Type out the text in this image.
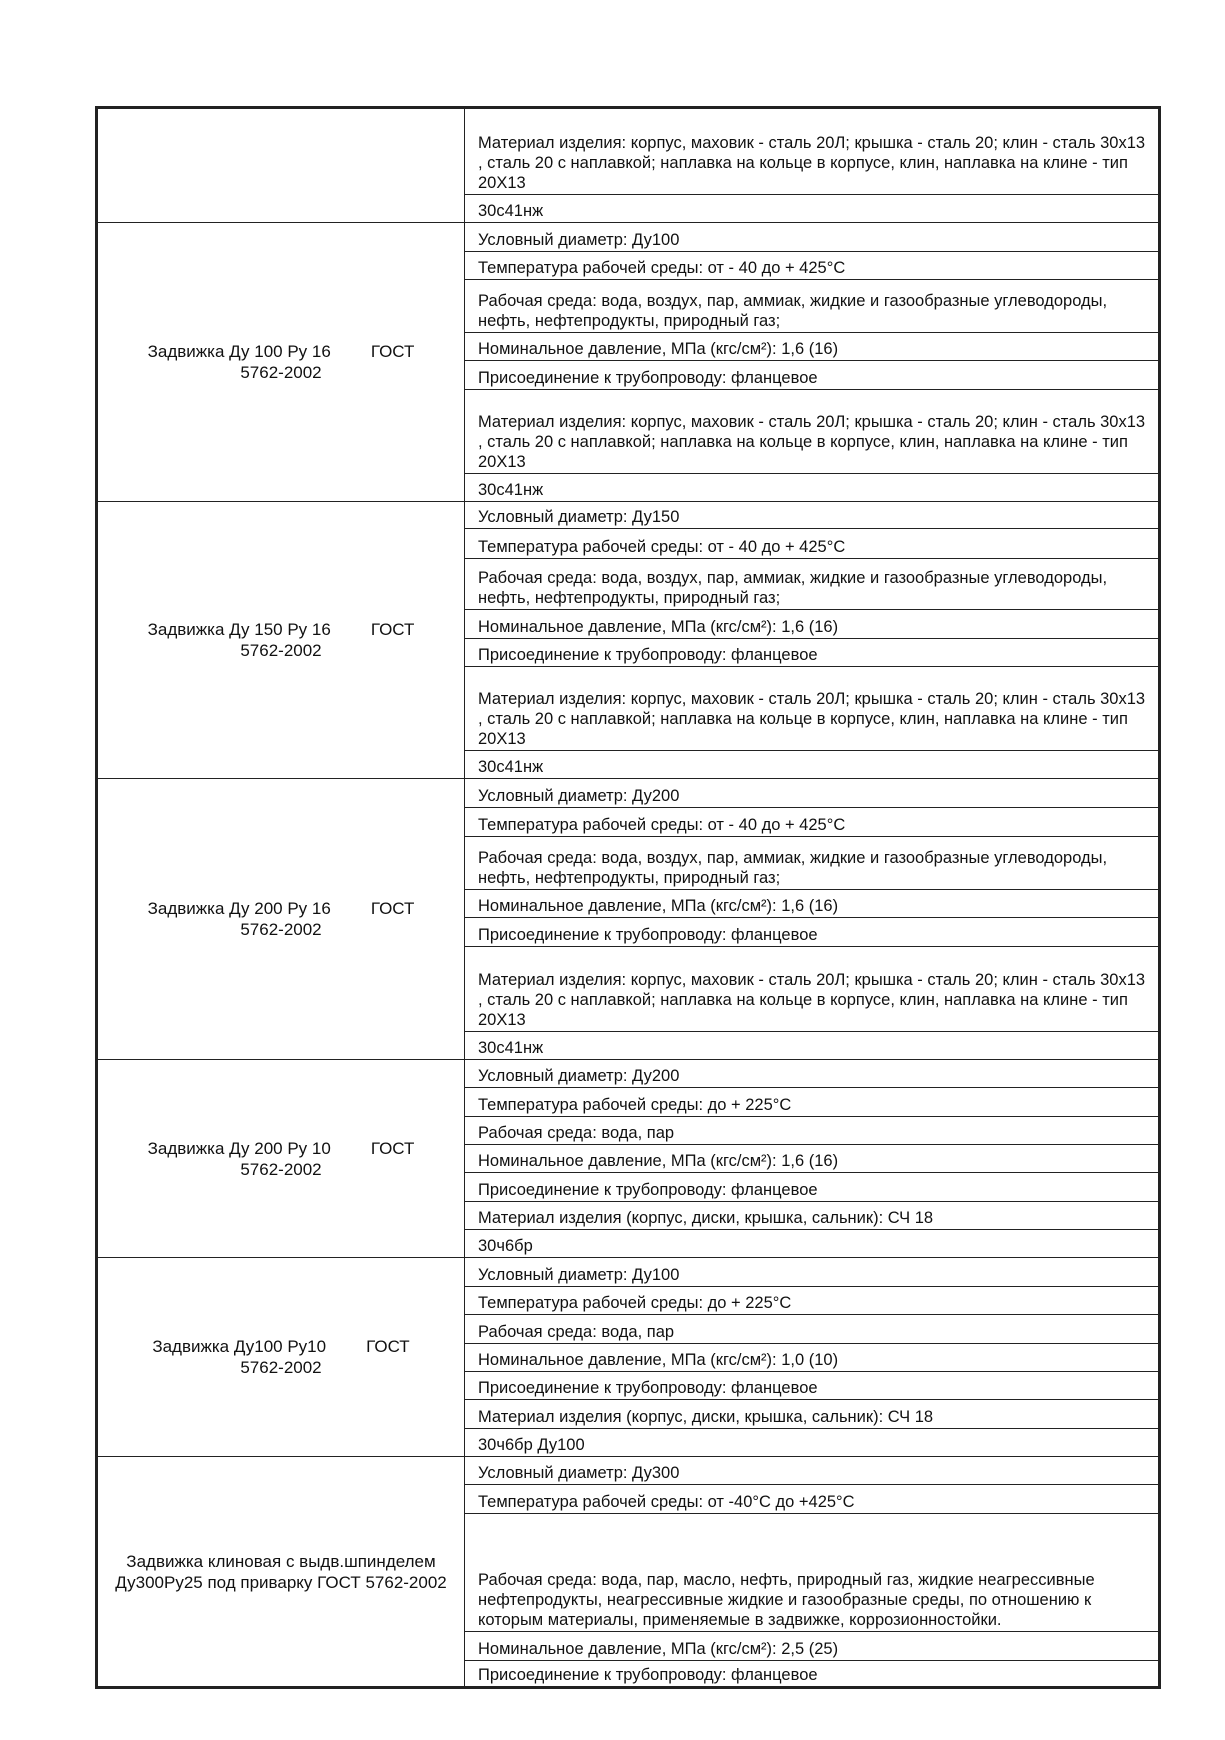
	Материал изделия: корпус, маховик - сталь 20Л; крышка - сталь 20; клин - сталь 30х13 , сталь 20 с наплавкой; наплавка на кольце в корпусе, клин, наплавка на клине - тип 20Х13
	30с41нж

Задвижка Ду 100 Ру 16 ГОСТ
5762-2002	Условный диаметр: Ду100
	Температура рабочей среды: от - 40 до + 425°С
	Рабочая среда: вода, воздух, пар, аммиак, жидкие и газообразные углеводороды, нефть, нефтепродукты, природный газ;
	Номинальное давление, МПа (кгс/см²): 1,6 (16)
	Присоединение к трубопроводу: фланцевое
	Материал изделия: корпус, маховик - сталь 20Л; крышка - сталь 20; клин - сталь 30х13 , сталь 20 с наплавкой; наплавка на кольце в корпусе, клин, наплавка на клине - тип 20Х13
	30с41нж

Задвижка Ду 150 Ру 16 ГОСТ
5762-2002	Условный диаметр: Ду150
	Температура рабочей среды: от - 40 до + 425°С
	Рабочая среда: вода, воздух, пар, аммиак, жидкие и газообразные углеводороды, нефть, нефтепродукты, природный газ;
	Номинальное давление, МПа (кгс/см²): 1,6 (16)
	Присоединение к трубопроводу: фланцевое
	Материал изделия: корпус, маховик - сталь 20Л; крышка - сталь 20; клин - сталь 30х13 , сталь 20 с наплавкой; наплавка на кольце в корпусе, клин, наплавка на клине - тип 20Х13
	30с41нж

Задвижка Ду 200 Ру 16 ГОСТ
5762-2002	Условный диаметр: Ду200
	Температура рабочей среды: от - 40 до + 425°С
	Рабочая среда: вода, воздух, пар, аммиак, жидкие и газообразные углеводороды, нефть, нефтепродукты, природный газ;
	Номинальное давление, МПа (кгс/см²): 1,6 (16)
	Присоединение к трубопроводу: фланцевое
	Материал изделия: корпус, маховик - сталь 20Л; крышка - сталь 20; клин - сталь 30х13 , сталь 20 с наплавкой; наплавка на кольце в корпусе, клин, наплавка на клине - тип 20Х13
	30с41нж

Задвижка Ду 200 Ру 10 ГОСТ
5762-2002	Условный диаметр: Ду200
	Температура рабочей среды: до + 225°С
	Рабочая среда: вода, пар
	Номинальное давление, МПа (кгс/см²): 1,6 (16)
	Присоединение к трубопроводу: фланцевое
	Материал изделия (корпус, диски, крышка, сальник): СЧ 18
	30ч6бр

Задвижка Ду100 Ру10 ГОСТ
5762-2002	Условный диаметр: Ду100
	Температура рабочей среды: до + 225°С
	Рабочая среда: вода, пар
	Номинальное давление, МПа (кгс/см²): 1,0 (10)
	Присоединение к трубопроводу: фланцевое
	Материал изделия (корпус, диски, крышка, сальник): СЧ 18
	30ч6бр Ду100

Задвижка клиновая с выдв.шпинделем Ду300Ру25 под приварку ГОСТ 5762-2002	Условный диаметр: Ду300
	Температура рабочей среды: от -40°С до +425°С
	Рабочая среда: вода, пар, масло, нефть, природный газ, жидкие неагрессивные нефтепродукты, неагрессивные жидкие и газообразные среды, по отношению к которым материалы, применяемые в задвижке, коррозионностойки.
	Номинальное давление, МПа (кгс/см²): 2,5 (25)
	Присоединение к трубопроводу: фланцевое
